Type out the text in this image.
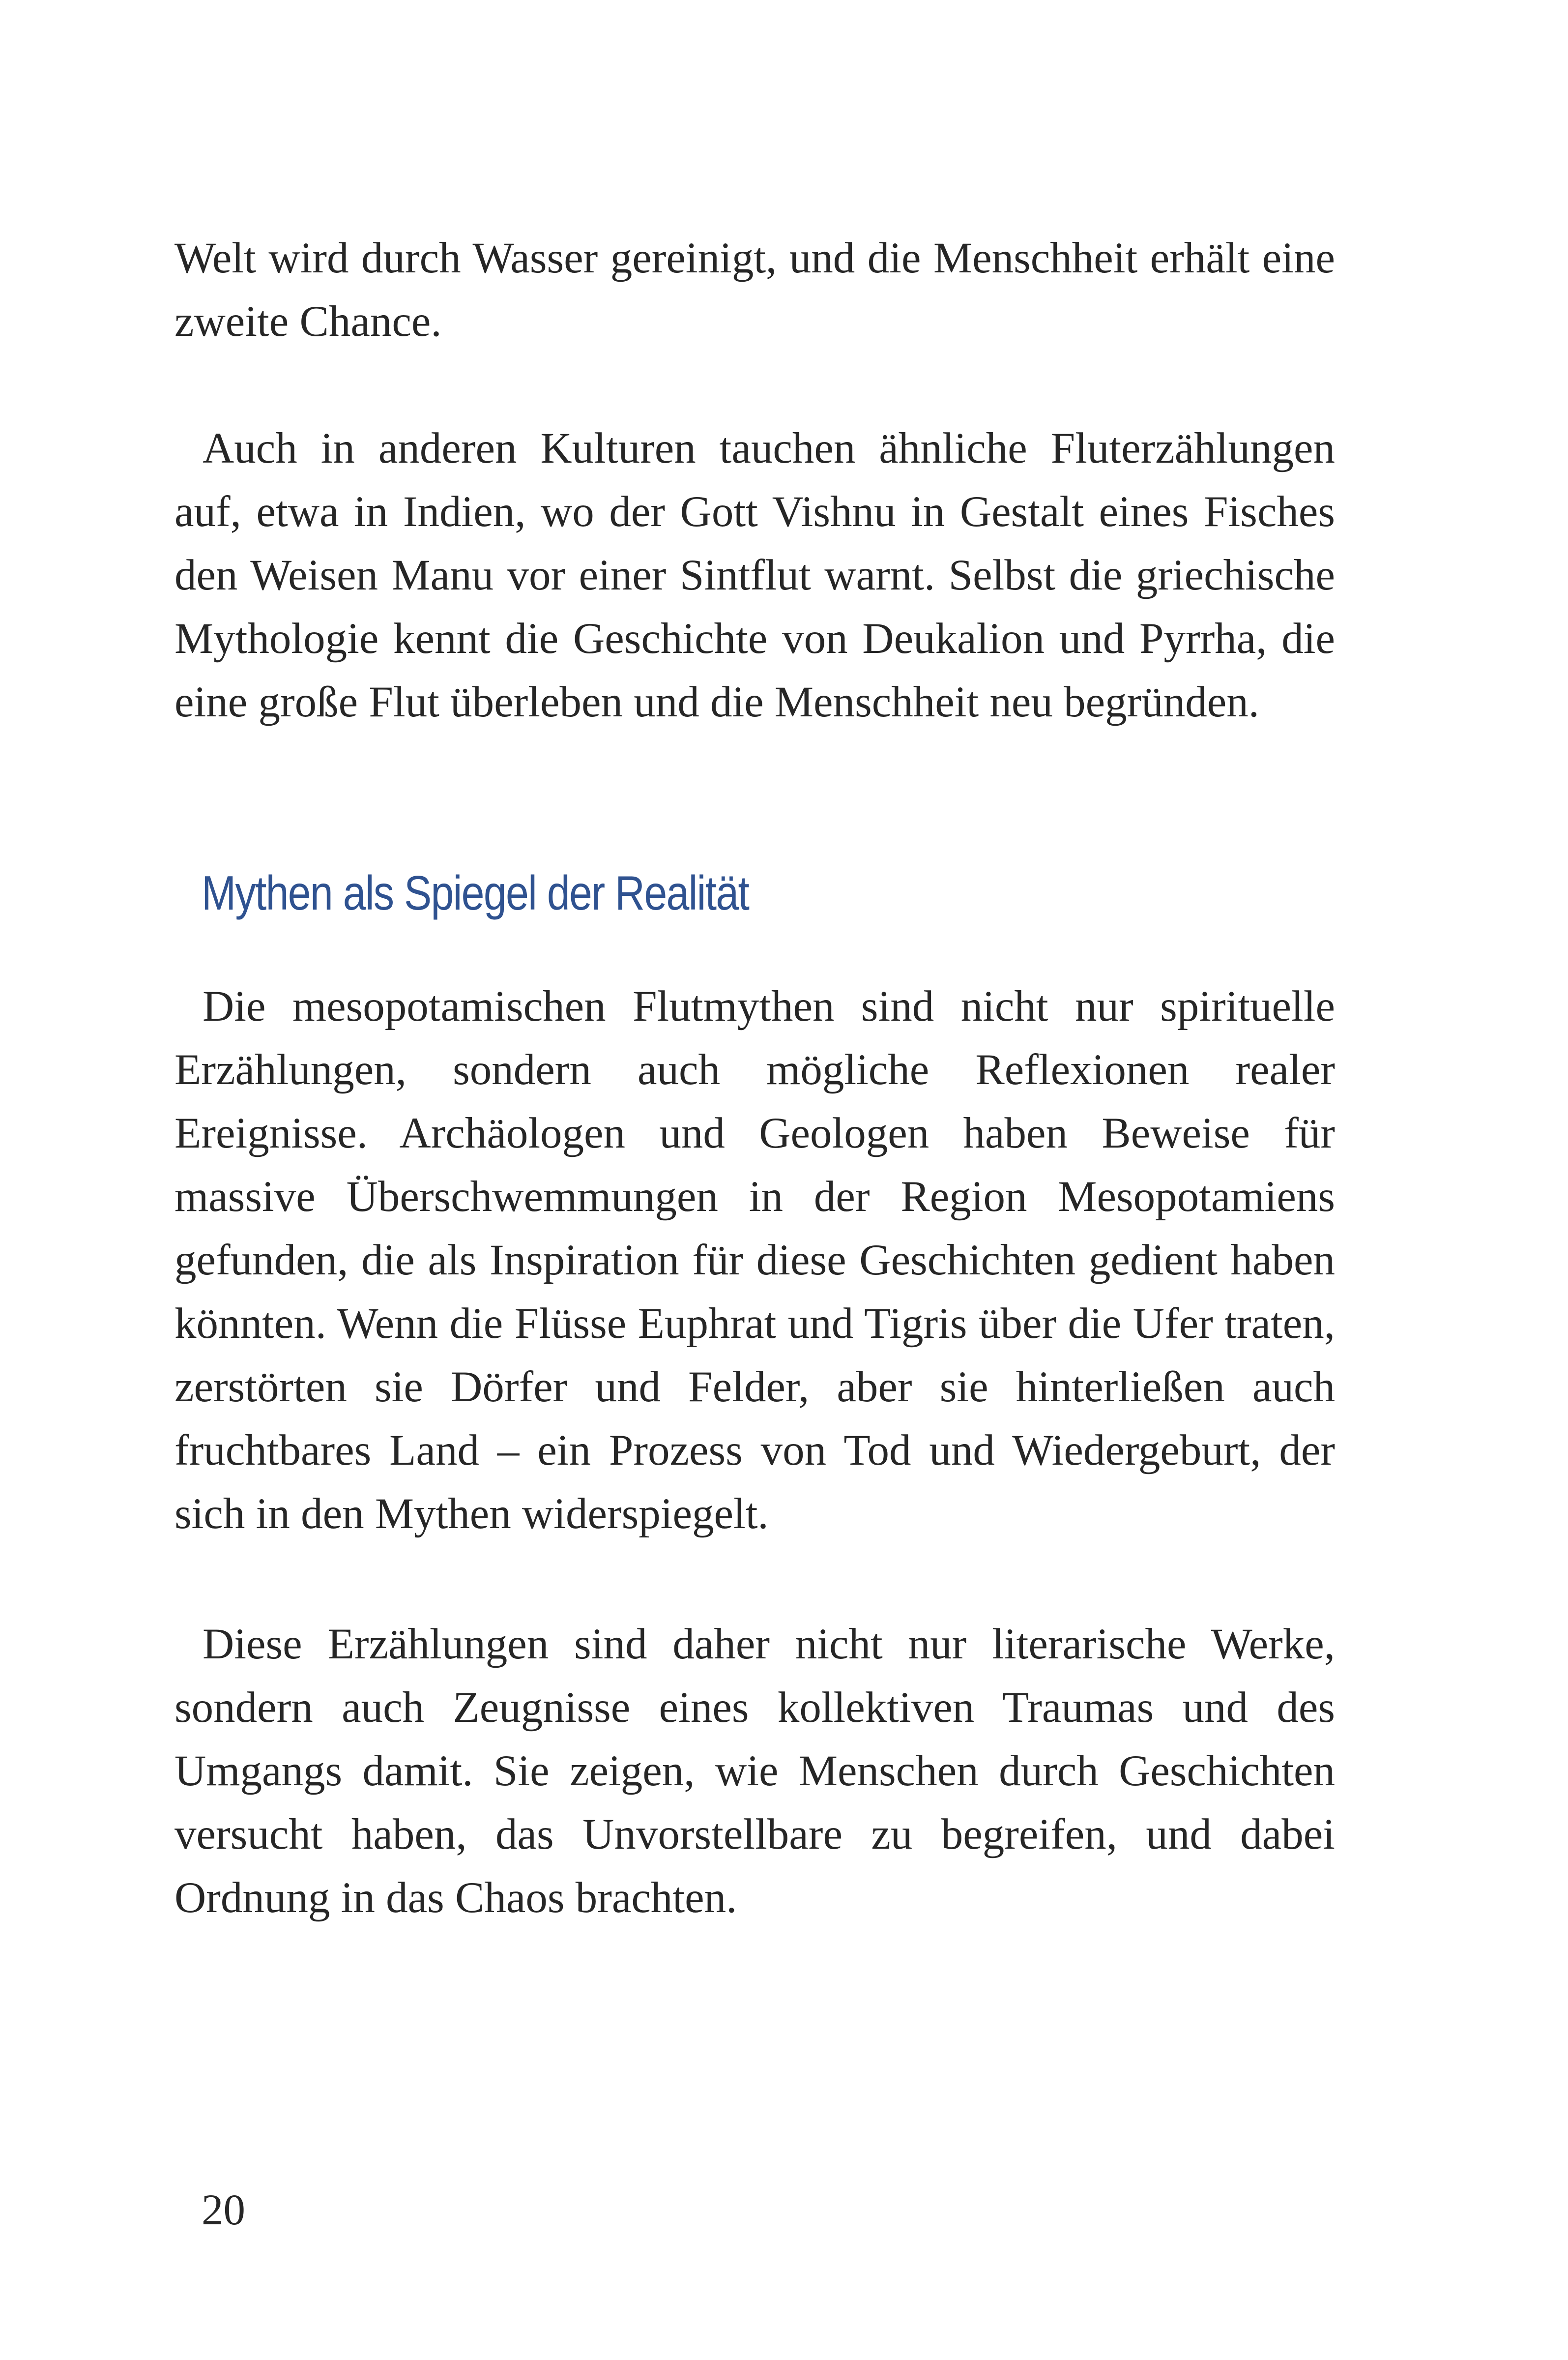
Welt wird durch Wasser gereinigt, und die Menschheit erhält eine zweite Chance.

Auch in anderen Kulturen tauchen ähnliche Fluterzählungen auf, etwa in Indien, wo der Gott Vishnu in Gestalt eines Fisches den Weisen Manu vor einer Sintflut warnt. Selbst die griechische Mythologie kennt die Geschichte von Deukalion und Pyrrha, die eine große Flut überleben und die Menschheit neu begründen.

Mythen als Spiegel der Realität

Die mesopotamischen Flutmythen sind nicht nur spirituelle Erzählungen, sondern auch mögliche Reflexionen realer Ereignisse. Archäologen und Geologen haben Beweise für massive Überschwemmungen in der Region Mesopotamiens gefunden, die als Inspiration für diese Geschichten gedient haben könnten. Wenn die Flüsse Euphrat und Tigris über die Ufer traten, zerstörten sie Dörfer und Felder, aber sie hinterließen auch fruchtbares Land – ein Prozess von Tod und Wiedergeburt, der sich in den Mythen widerspiegelt.

Diese Erzählungen sind daher nicht nur literarische Werke, sondern auch Zeugnisse eines kollektiven Traumas und des Umgangs damit. Sie zeigen, wie Menschen durch Geschichten versucht haben, das Unvorstellbare zu begreifen, und dabei Ordnung in das Chaos brachten.

20
